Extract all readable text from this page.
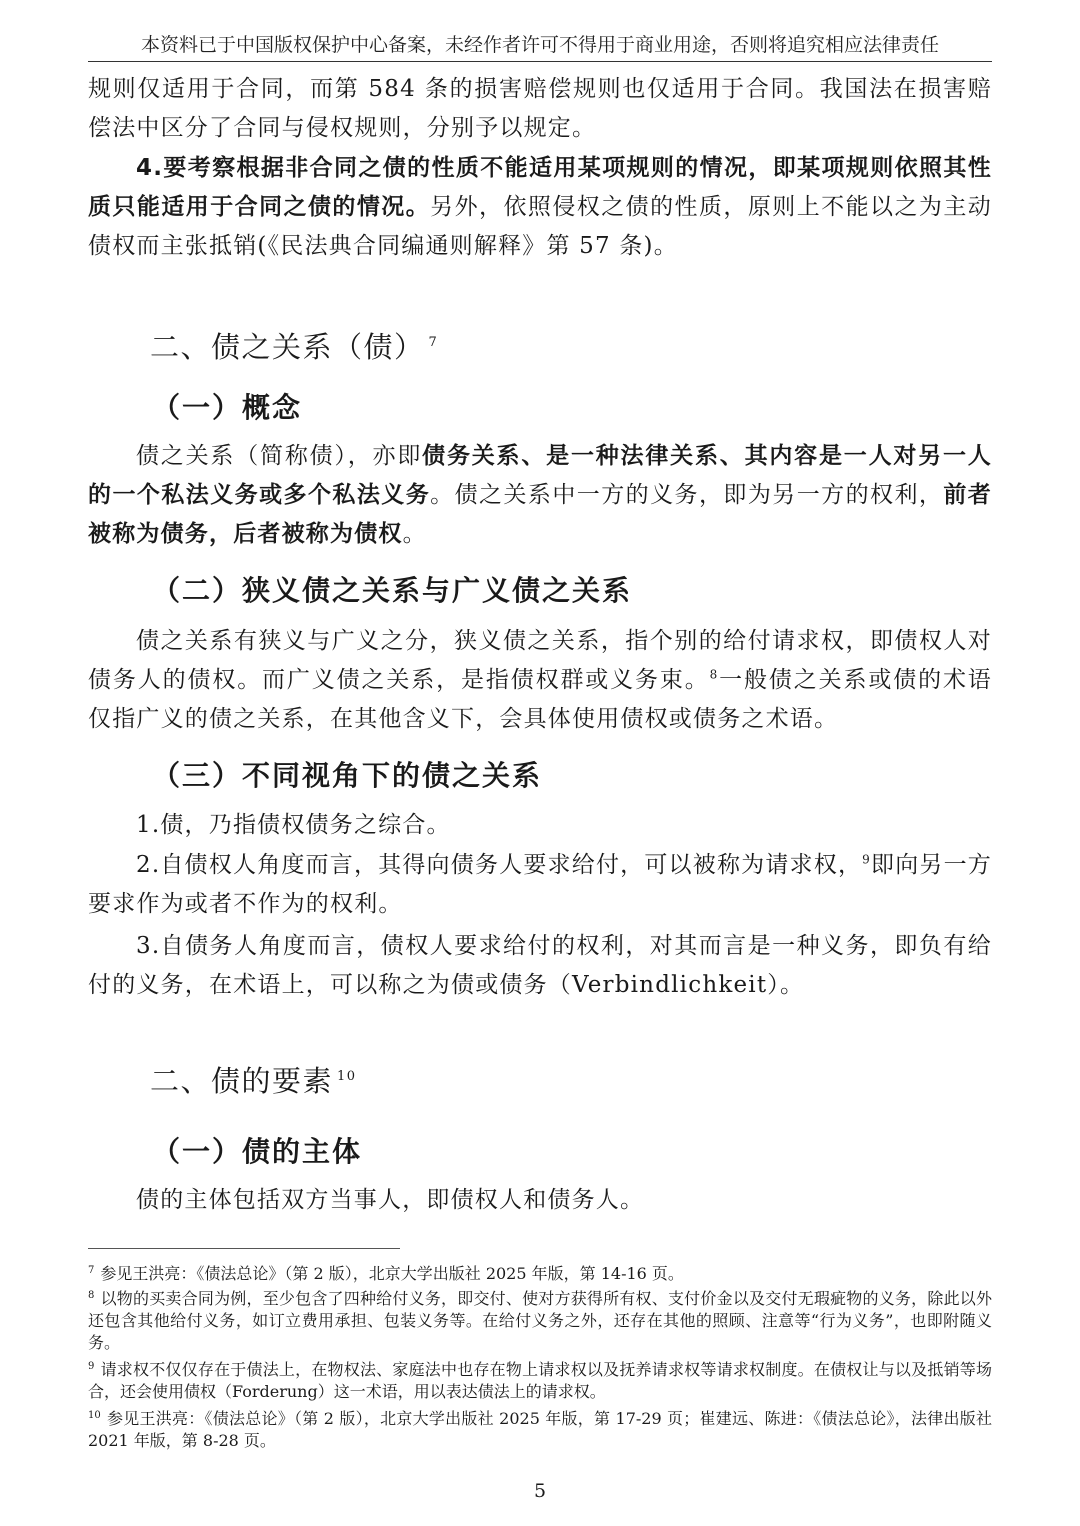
本资料已于中国版权保护中心备案，未经作者许可不得用于商业用途，否则将追究相应法律责任

规则仅适用于合同，而第 584 条的损害赔偿规则也仅适用于合同。我国法在损害赔偿法中区分了合同与侵权规则，分别予以规定。

4.要考察根据非合同之债的性质不能适用某项规则的情况，即某项规则依照其性质只能适用于合同之债的情况。另外，依照侵权之债的性质，原则上不能以之为主动债权而主张抵销(《民法典合同编通则解释》第 57 条)。

二、债之关系（债） $^7$
（一）概念

债之关系（简称债），亦即债务关系、是一种法律关系、其内容是一人对另一人的一个私法义务或多个私法义务。债之关系中一方的义务，即为另一方的权利，前者被称为债务，后者被称为债权。

（二）狭义债之关系与广义债之关系

债之关系有狭义与广义之分，狭义债之关系，指个别的给付请求权，即债权人对债务人的债权。而广义债之关系，是指债权群或义务束。$^8$一般债之关系或债的术语仅指广义的债之关系，在其他含义下，会具体使用债权或债务之术语。

（三）不同视角下的债之关系

1.债，乃指债权债务之综合。

2.自债权人角度而言，其得向债务人要求给付，可以被称为请求权，$^9$即向另一方要求作为或者不作为的权利。

3.自债务人角度而言，债权人要求给付的权利，对其而言是一种义务，即负有给付的义务，在术语上，可以称之为债或债务（Verbindlichkeit）。

二、债的要素 $^{10}$
（一）债的主体

债的主体包括双方当事人，即债权人和债务人。

$^7$ 参见王洪亮：《债法总论》（第 2 版），北京大学出版社 2025 年版，第 14-16 页。

$^8$ 以物的买卖合同为例，至少包含了四种给付义务，即交付、使对方获得所有权、支付价金以及交付无瑕疵物的义务，除此以外还包含其他给付义务，如订立费用承担、包装义务等。在给付义务之外，还存在其他的照顾、注意等“行为义务”，也即附随义务。

$^9$ 请求权不仅仅存在于债法上，在物权法、家庭法中也存在物上请求权以及抚养请求权等请求权制度。在债权让与以及抵销等场合，还会使用债权（Forderung）这一术语，用以表达债法上的请求权。

$^{10}$ 参见王洪亮：《债法总论》（第 2 版），北京大学出版社 2025 年版，第 17-29 页；崔建远、陈进：《债法总论》，法律出版社 2021 年版，第 8-28 页。

5
